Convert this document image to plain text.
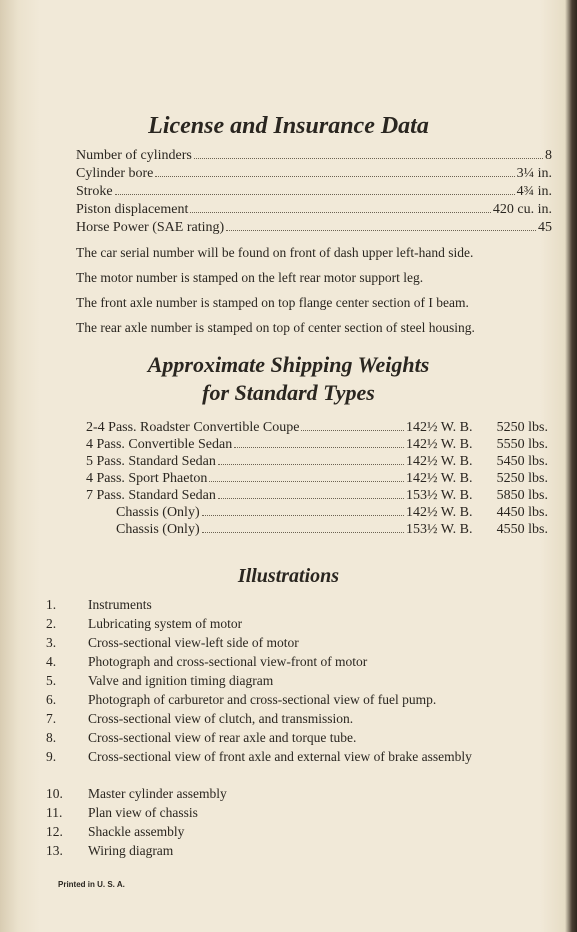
License and Insurance Data
Number of cylinders	8
Cylinder bore	3¼ in.
Stroke	4¾ in.
Piston displacement	420 cu. in.
Horse Power (SAE rating)	45

The car serial number will be found on front of dash upper left-hand side.

The motor number is stamped on the left rear motor support leg.

The front axle number is stamped on top flange center section of I beam.

The rear axle number is stamped on top of center section of steel housing.

Approximate Shipping Weights
for Standard Types
2-4 Pass. Roadster Convertible Coupe	142½ W. B.	5250 lbs.
4 Pass. Convertible Sedan	142½ W. B.	5550 lbs.
5 Pass. Standard Sedan	142½ W. B.	5450 lbs.
4 Pass. Sport Phaeton	142½ W. B.	5250 lbs.
7 Pass. Standard Sedan	153½ W. B.	5850 lbs.
Chassis (Only)	142½ W. B.	4450 lbs.
Chassis (Only)	153½ W. B.	4550 lbs.
Illustrations
1.	Instruments
2.	Lubricating system of motor
3.	Cross-sectional view-left side of motor
4.	Photograph and cross-sectional view-front of motor
5.	Valve and ignition timing diagram
6.	Photograph of carburetor and cross-sectional view of fuel pump.
7.	Cross-sectional view of clutch, and transmission.
8.	Cross-sectional view of rear axle and torque tube.
9.	Cross-sectional view of front axle and external view of brake assembly
10.	Master cylinder assembly
11.	Plan view of chassis
12.	Shackle assembly
13.	Wiring diagram

Printed in U. S. A.
